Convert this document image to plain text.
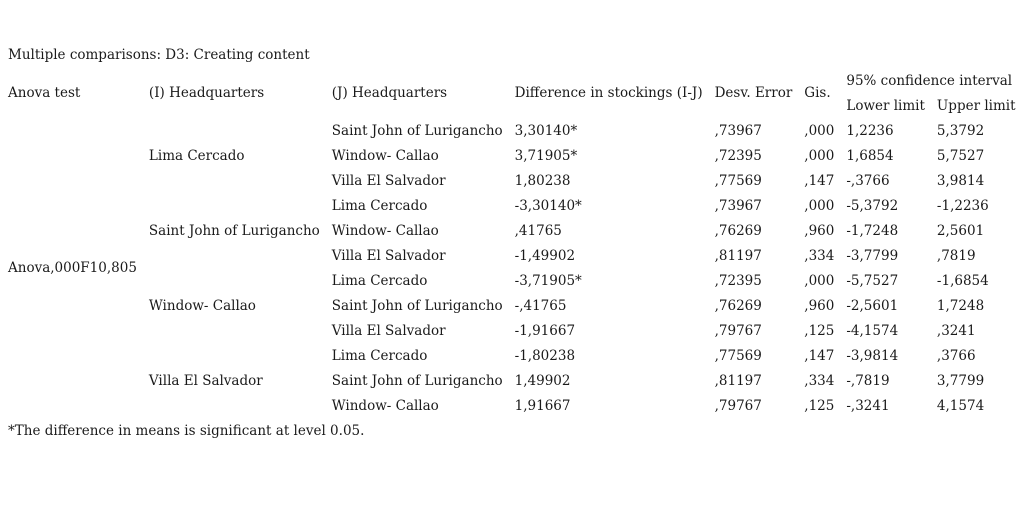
Multiple comparisons: D3: Creating content
Anova test	(I) Headquarters	(J) Headquarters	Difference in stockings (I-J)	Desv. Error	Gis.	95% confidence interval	
						Lower limit	Upper limit
Anova,000F10,805	Lima Cercado	Saint John of Lurigancho	3,30140*	,73967	,000	1,2236	5,3792
		Window- Callao	3,71905*	,72395	,000	1,6854	5,7527
		Villa El Salvador	1,80238	,77569	,147	-,3766	3,9814
	Saint John of Lurigancho	Lima Cercado	-3,30140*	,73967	,000	-5,3792	-1,2236
		Window- Callao	,41765	,76269	,960	-1,7248	2,5601
		Villa El Salvador	-1,49902	,81197	,334	-3,7799	,7819
	Window- Callao	Lima Cercado	-3,71905*	,72395	,000	-5,7527	-1,6854
		Saint John of Lurigancho	-,41765	,76269	,960	-2,5601	1,7248
		Villa El Salvador	-1,91667	,79767	,125	-4,1574	,3241
	Villa El Salvador	Lima Cercado	-1,80238	,77569	,147	-3,9814	,3766
		Saint John of Lurigancho	1,49902	,81197	,334	-,7819	3,7799
		Window- Callao	1,91667	,79767	,125	-,3241	4,1574
*The difference in means is significant at level 0.05.
